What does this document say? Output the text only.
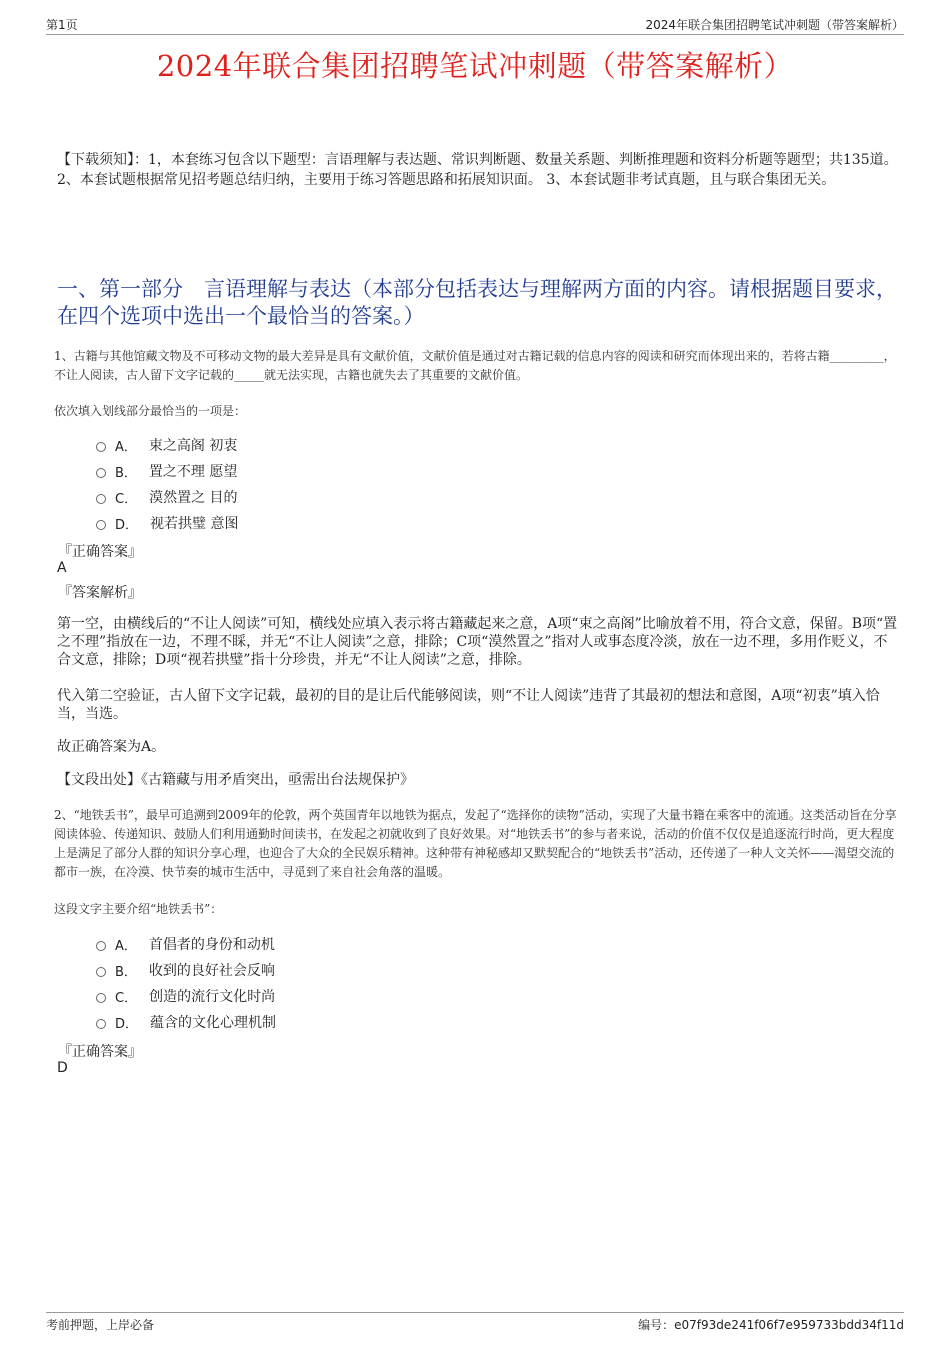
第1页	2024年联合集团招聘笔试冲刺题（带答案解析）
2024年联合集团招聘笔试冲刺题（带答案解析）
【下载须知】：1，本套练习包含以下题型：言语理解与表达题、常识判断题、数量关系题、判断推理题和资料分析题等题型；共135道。 2、本套试题根据常见招考题总结归纳，主要用于练习答题思路和拓展知识面。 3、本套试题非考试真题，且与联合集团无关。
一、第一部分　言语理解与表达（本部分包括表达与理解两方面的内容。请根据题目要求，在四个选项中选出一个最恰当的答案。）
1、古籍与其他馆藏文物及不可移动文物的最大差异是具有文献价值，文献价值是通过对古籍记载的信息内容的阅读和研究而体现出来的，若将古籍_________，不让人阅读，古人留下文字记载的_____就无法实现，古籍也就失去了其重要的文献价值。
依次填入划线部分最恰当的一项是：
A． 束之高阁 初衷
B． 置之不理 愿望
C． 漠然置之 目的
D． 视若拱璧 意图
『正确答案』
A
『答案解析』
第一空，由横线后的“不让人阅读”可知，横线处应填入表示将古籍藏起来之意，A项“束之高阁”比喻放着不用，符合文意，保留。B项“置之不理”指放在一边，不理不睬，并无“不让人阅读”之意，排除；C项“漠然置之”指对人或事态度冷淡，放在一边不理，多用作贬义，不合文意，排除；D项“视若拱璧”指十分珍贵，并无“不让人阅读”之意，排除。
代入第二空验证，古人留下文字记载，最初的目的是让后代能够阅读，则“不让人阅读”违背了其最初的想法和意图，A项“初衷”填入恰当，当选。
故正确答案为A。
【文段出处】《古籍藏与用矛盾突出，亟需出台法规保护》
2、“地铁丢书”，最早可追溯到2009年的伦敦，两个英国青年以地铁为据点，发起了“选择你的读物”活动，实现了大量书籍在乘客中的流通。这类活动旨在分享阅读体验、传递知识、鼓励人们利用通勤时间读书，在发起之初就收到了良好效果。对“地铁丢书”的参与者来说，活动的价值不仅仅是追逐流行时尚，更大程度上是满足了部分人群的知识分享心理，也迎合了大众的全民娱乐精神。这种带有神秘感却又默契配合的“地铁丢书”活动，还传递了一种人文关怀——渴望交流的都市一族，在冷漠、快节奏的城市生活中，寻觅到了来自社会角落的温暖。
这段文字主要介绍“地铁丢书”：
A． 首倡者的身份和动机
B． 收到的良好社会反响
C． 创造的流行文化时尚
D． 蕴含的文化心理机制
『正确答案』
D
考前押题，上岸必备	编号：e07f93de241f06f7e959733bdd34f11d
